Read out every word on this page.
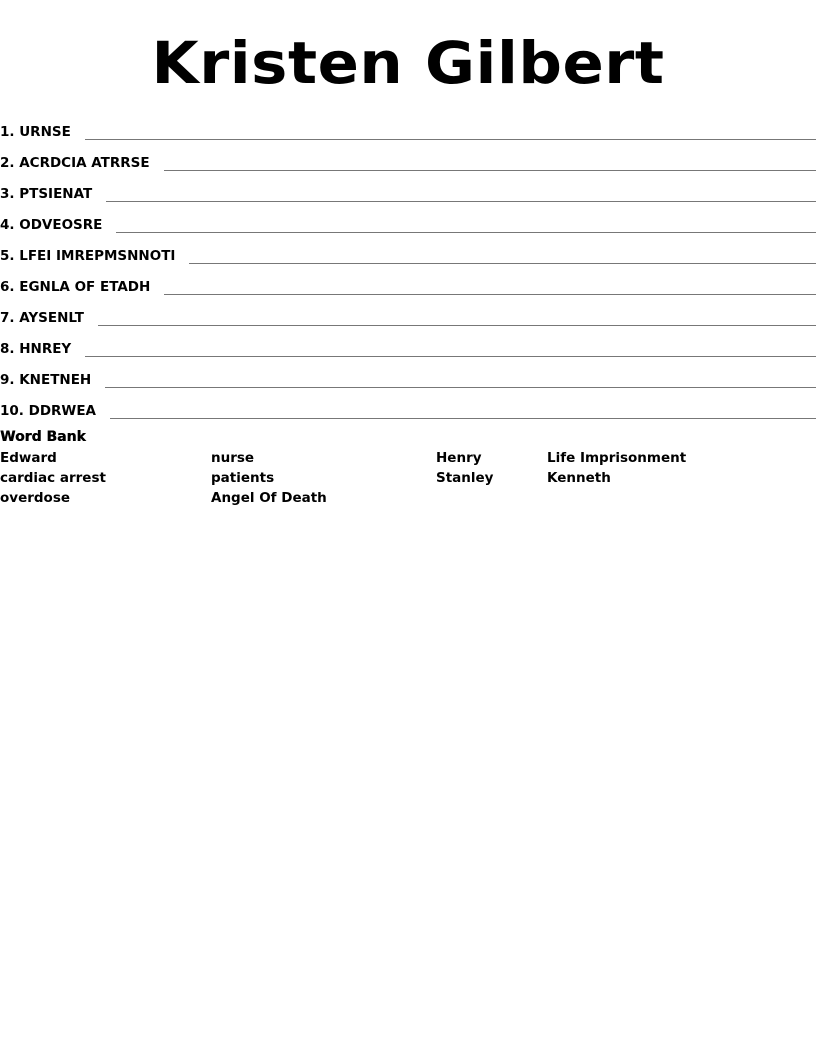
Kristen Gilbert
1. URNSE
2. ACRDCIA ATRRSE
3. PTSIENAT
4. ODVEOSRE
5. LFEI IMREPMSNNOTI
6. EGNLA OF ETADH
7. AYSENLT
8. HNREY
9. KNETNEH
10. DDRWEA
Word Bank
Edward	nurse	Henry	Life Imprisonment
cardiac arrest	patients	Stanley	Kenneth
overdose	Angel Of Death
